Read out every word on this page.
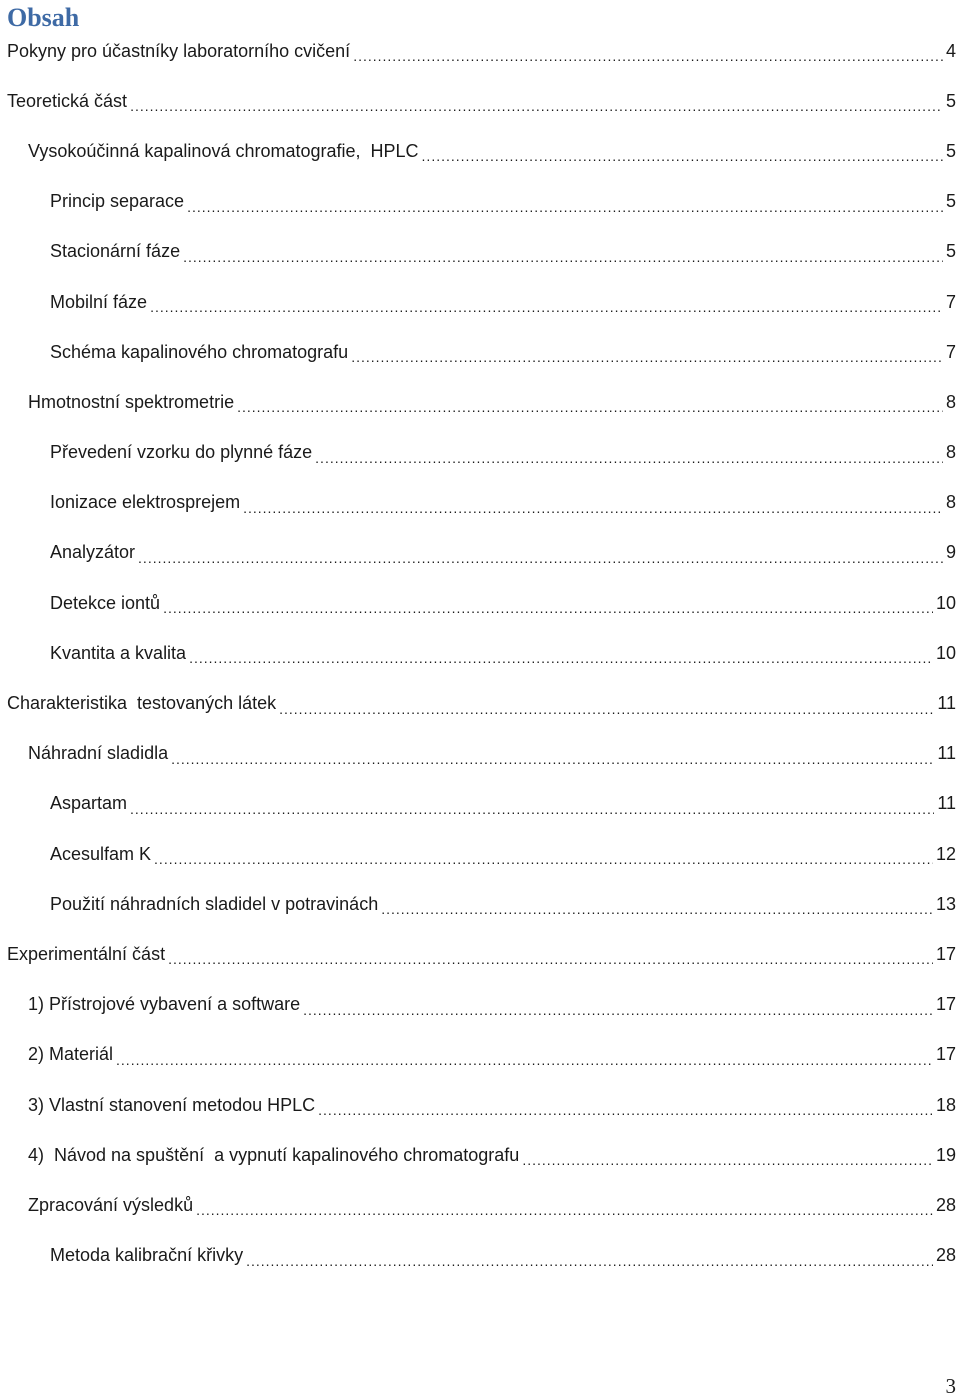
Obsah
Pokyny pro účastníky laboratorního cvičení .....	4
Teoretická část .....	5
Vysokoúčinná kapalinová chromatografie,  HPLC .....	5
Princip separace .....	5
Stacionární fáze .....	5
Mobilní fáze .....	7
Schéma kapalinového chromatografu .....	7
Hmotnostní spektrometrie .....	8
Převedení vzorku do plynné fáze .....	8
Ionizace elektrosprejem .....	8
Analyzátor .....	9
Detekce iontů .....	10
Kvantita a kvalita .....	10
Charakteristika  testovaných látek .....	11
Náhradní sladidla .....	11
Aspartam .....	11
Acesulfam K .....	12
Použití náhradních sladidel v potravinách .....	13
Experimentální část .....	17
1) Přístrojové vybavení a software .....	17
2) Materiál .....	17
3) Vlastní stanovení metodou HPLC .....	18
4)  Návod na spuštění  a vypnutí kapalinového chromatografu .....	19
Zpracování výsledků .....	28
Metoda kalibrační křivky .....	28
3
